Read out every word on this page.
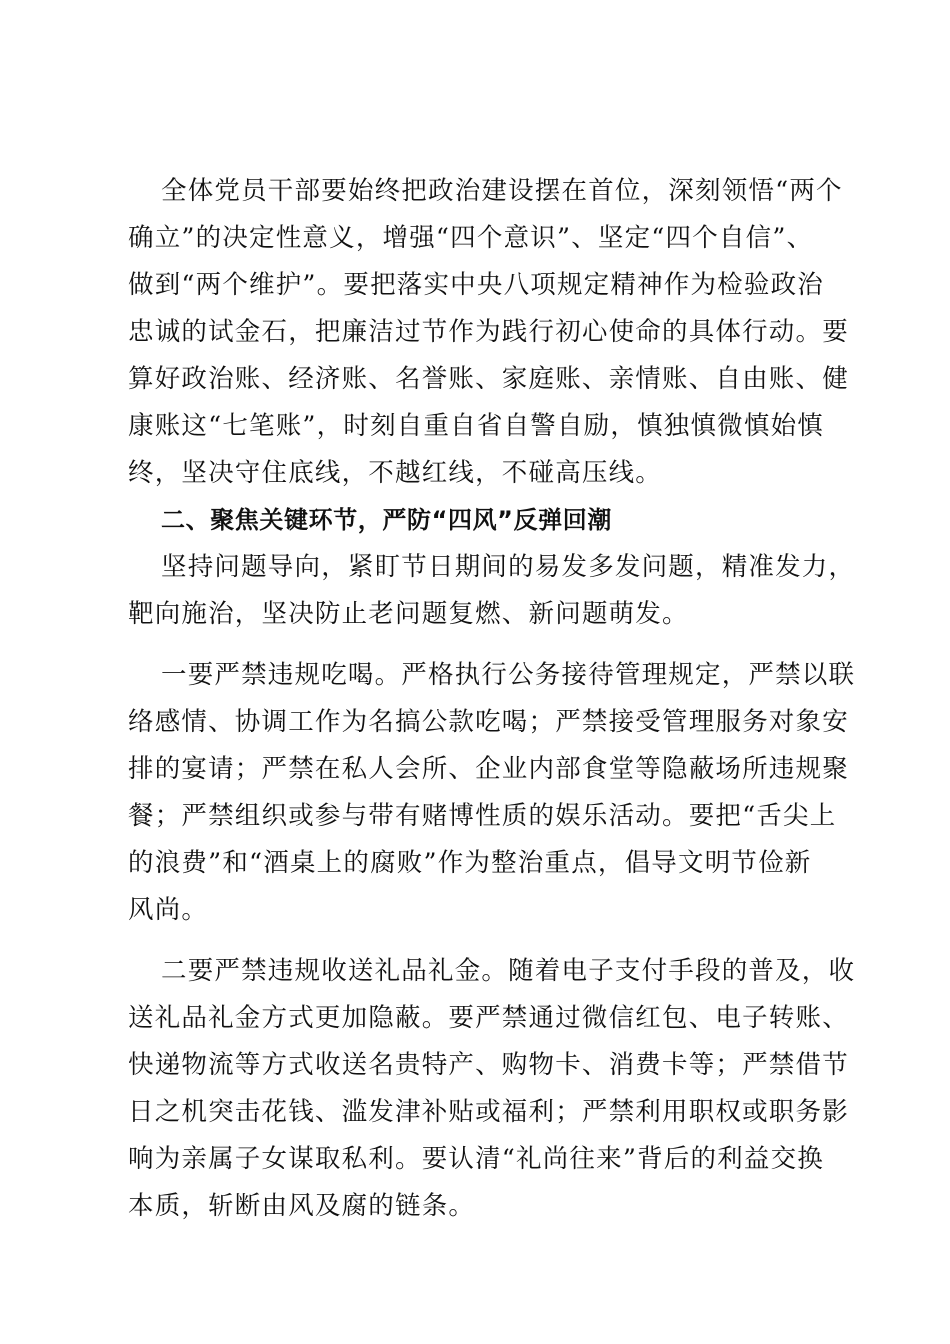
全体党员干部要始终把政治建设摆在首位，深刻领悟“两个
确立”的决定性意义，增强“四个意识”、坚定“四个自信”、
做到“两个维护”。要把落实中央八项规定精神作为检验政治
忠诚的试金石，把廉洁过节作为践行初心使命的具体行动。要
算好政治账、经济账、名誉账、家庭账、亲情账、自由账、健
康账这“七笔账”，时刻自重自省自警自励，慎独慎微慎始慎
终，坚决守住底线，不越红线，不碰高压线。
二、聚焦关键环节，严防“四风”反弹回潮
坚持问题导向，紧盯节日期间的易发多发问题，精准发力，
靶向施治，坚决防止老问题复燃、新问题萌发。
一要严禁违规吃喝。严格执行公务接待管理规定，严禁以联
络感情、协调工作为名搞公款吃喝；严禁接受管理服务对象安
排的宴请；严禁在私人会所、企业内部食堂等隐蔽场所违规聚
餐；严禁组织或参与带有赌博性质的娱乐活动。要把“舌尖上
的浪费”和“酒桌上的腐败”作为整治重点，倡导文明节俭新
风尚。
二要严禁违规收送礼品礼金。随着电子支付手段的普及，收
送礼品礼金方式更加隐蔽。要严禁通过微信红包、电子转账、
快递物流等方式收送名贵特产、购物卡、消费卡等；严禁借节
日之机突击花钱、滥发津补贴或福利；严禁利用职权或职务影
响为亲属子女谋取私利。要认清“礼尚往来”背后的利益交换
本质，斩断由风及腐的链条。
